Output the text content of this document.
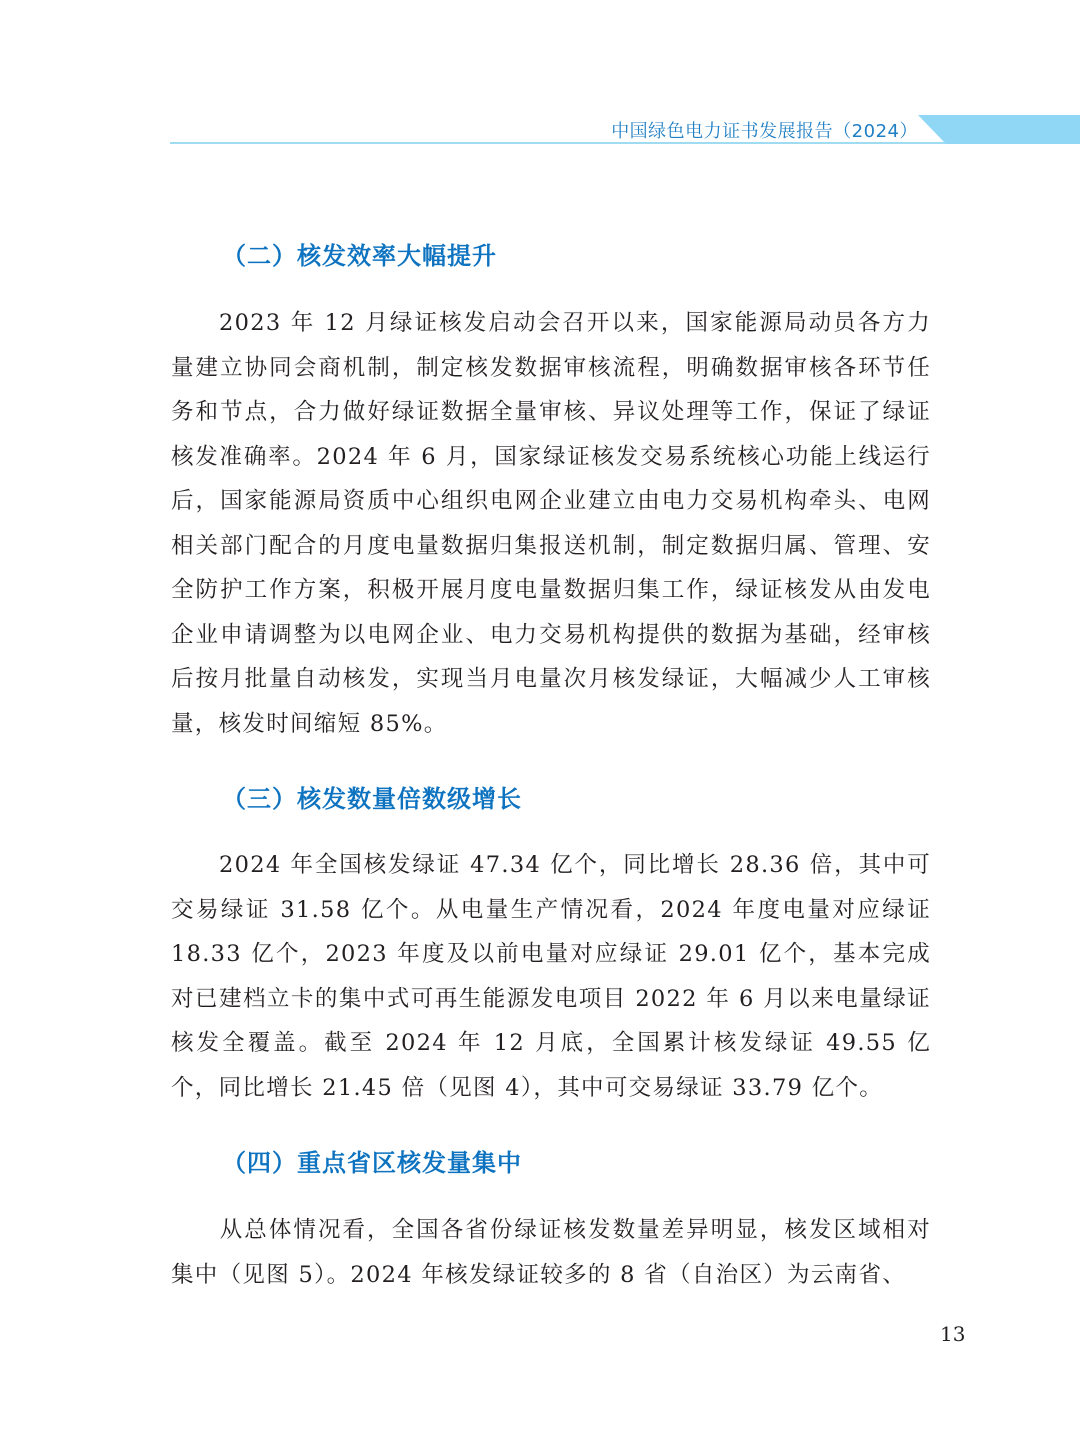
中国绿色电力证书发展报告（2024）
（二）核发效率大幅提升

2023 年 12 月绿证核发启动会召开以来，国家能源局动员各方力量建立协同会商机制，制定核发数据审核流程，明确数据审核各环节任务和节点，合力做好绿证数据全量审核、异议处理等工作，保证了绿证核发准确率。2024 年 6 月，国家绿证核发交易系统核心功能上线运行后，国家能源局资质中心组织电网企业建立由电力交易机构牵头、电网相关部门配合的月度电量数据归集报送机制，制定数据归属、管理、安全防护工作方案，积极开展月度电量数据归集工作，绿证核发从由发电企业申请调整为以电网企业、电力交易机构提供的数据为基础，经审核后按月批量自动核发，实现当月电量次月核发绿证，大幅减少人工审核量，核发时间缩短 85%。

（三）核发数量倍数级增长

2024 年全国核发绿证 47.34 亿个，同比增长 28.36 倍，其中可交易绿证 31.58 亿个。从电量生产情况看，2024 年度电量对应绿证 18.33 亿个，2023 年度及以前电量对应绿证 29.01 亿个，基本完成对已建档立卡的集中式可再生能源发电项目 2022 年 6 月以来电量绿证核发全覆盖。截至 2024 年 12 月底，全国累计核发绿证 49.55 亿个，同比增长 21.45 倍（见图 4），其中可交易绿证 33.79 亿个。

（四）重点省区核发量集中

从总体情况看，全国各省份绿证核发数量差异明显，核发区域相对集中（见图 5）。2024 年核发绿证较多的 8 省（自治区）为云南省、

13
